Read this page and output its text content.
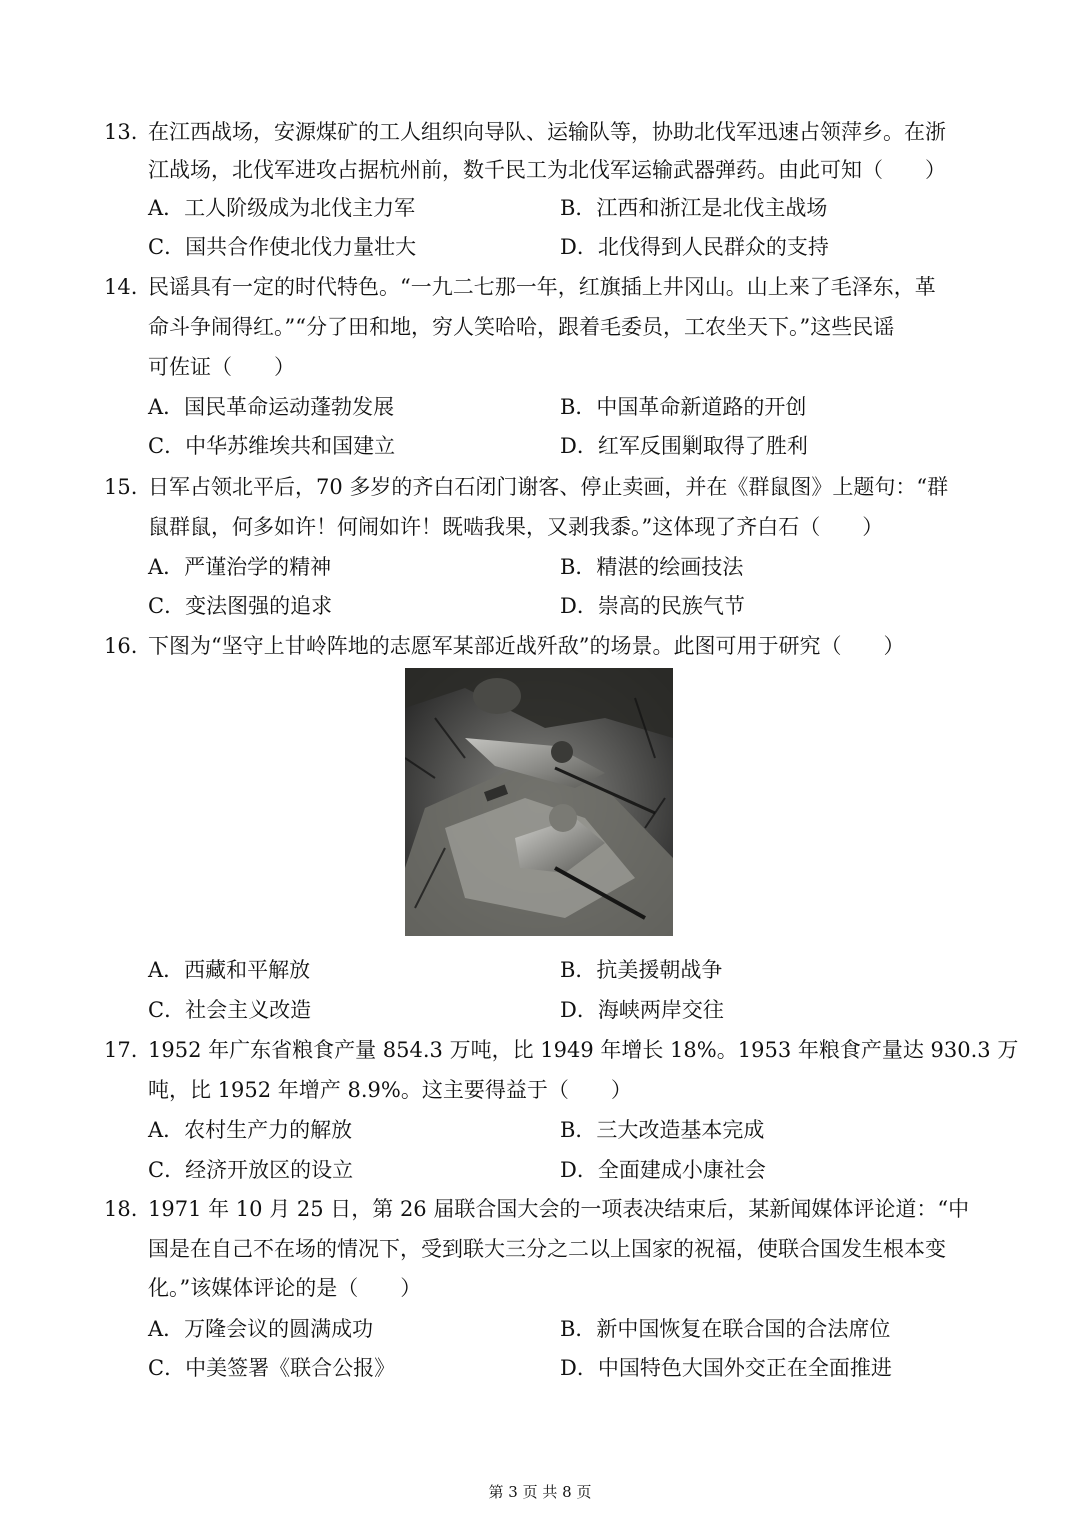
13. 在江西战场，安源煤矿的工人组织向导队、运输队等，协助北伐军迅速占领萍乡。在浙
江战场，北伐军进攻占据杭州前，数千民工为北伐军运输武器弹药。由此可知（　　）
A．工人阶级成为北伐主力军	B．江西和浙江是北伐主战场
C．国共合作使北伐力量壮大	D．北伐得到人民群众的支持
14. 民谣具有一定的时代特色。“一九二七那一年，红旗插上井冈山。山上来了毛泽东，革
命斗争闹得红。”“分了田和地，穷人笑哈哈，跟着毛委员，工农坐天下。”这些民谣
可佐证（　　）
A．国民革命运动蓬勃发展	B．中国革命新道路的开创
C．中华苏维埃共和国建立	D．红军反围剿取得了胜利
15. 日军占领北平后，70 多岁的齐白石闭门谢客、停止卖画，并在《群鼠图》上题句：“群
鼠群鼠，何多如许！何闹如许！既啮我果，又剥我黍。”这体现了齐白石（　　）
A．严谨治学的精神	B．精湛的绘画技法
C．变法图强的追求	D．崇高的民族气节
16. 下图为“坚守上甘岭阵地的志愿军某部近战歼敌”的场景。此图可用于研究（　　）
A．西藏和平解放	B．抗美援朝战争
C．社会主义改造	D．海峡两岸交往
17. 1952 年广东省粮食产量 854.3 万吨，比 1949 年增长 18%。1953 年粮食产量达 930.3 万
吨，比 1952 年增产 8.9%。这主要得益于（　　）
A．农村生产力的解放	B．三大改造基本完成
C．经济开放区的设立	D．全面建成小康社会
18. 1971 年 10 月 25 日，第 26 届联合国大会的一项表决结束后，某新闻媒体评论道：“中
国是在自己不在场的情况下，受到联大三分之二以上国家的祝福，使联合国发生根本变
化。”该媒体评论的是（　　）
A．万隆会议的圆满成功	B．新中国恢复在联合国的合法席位
C．中美签署《联合公报》	D．中国特色大国外交正在全面推进
第 3 页 共 8 页
